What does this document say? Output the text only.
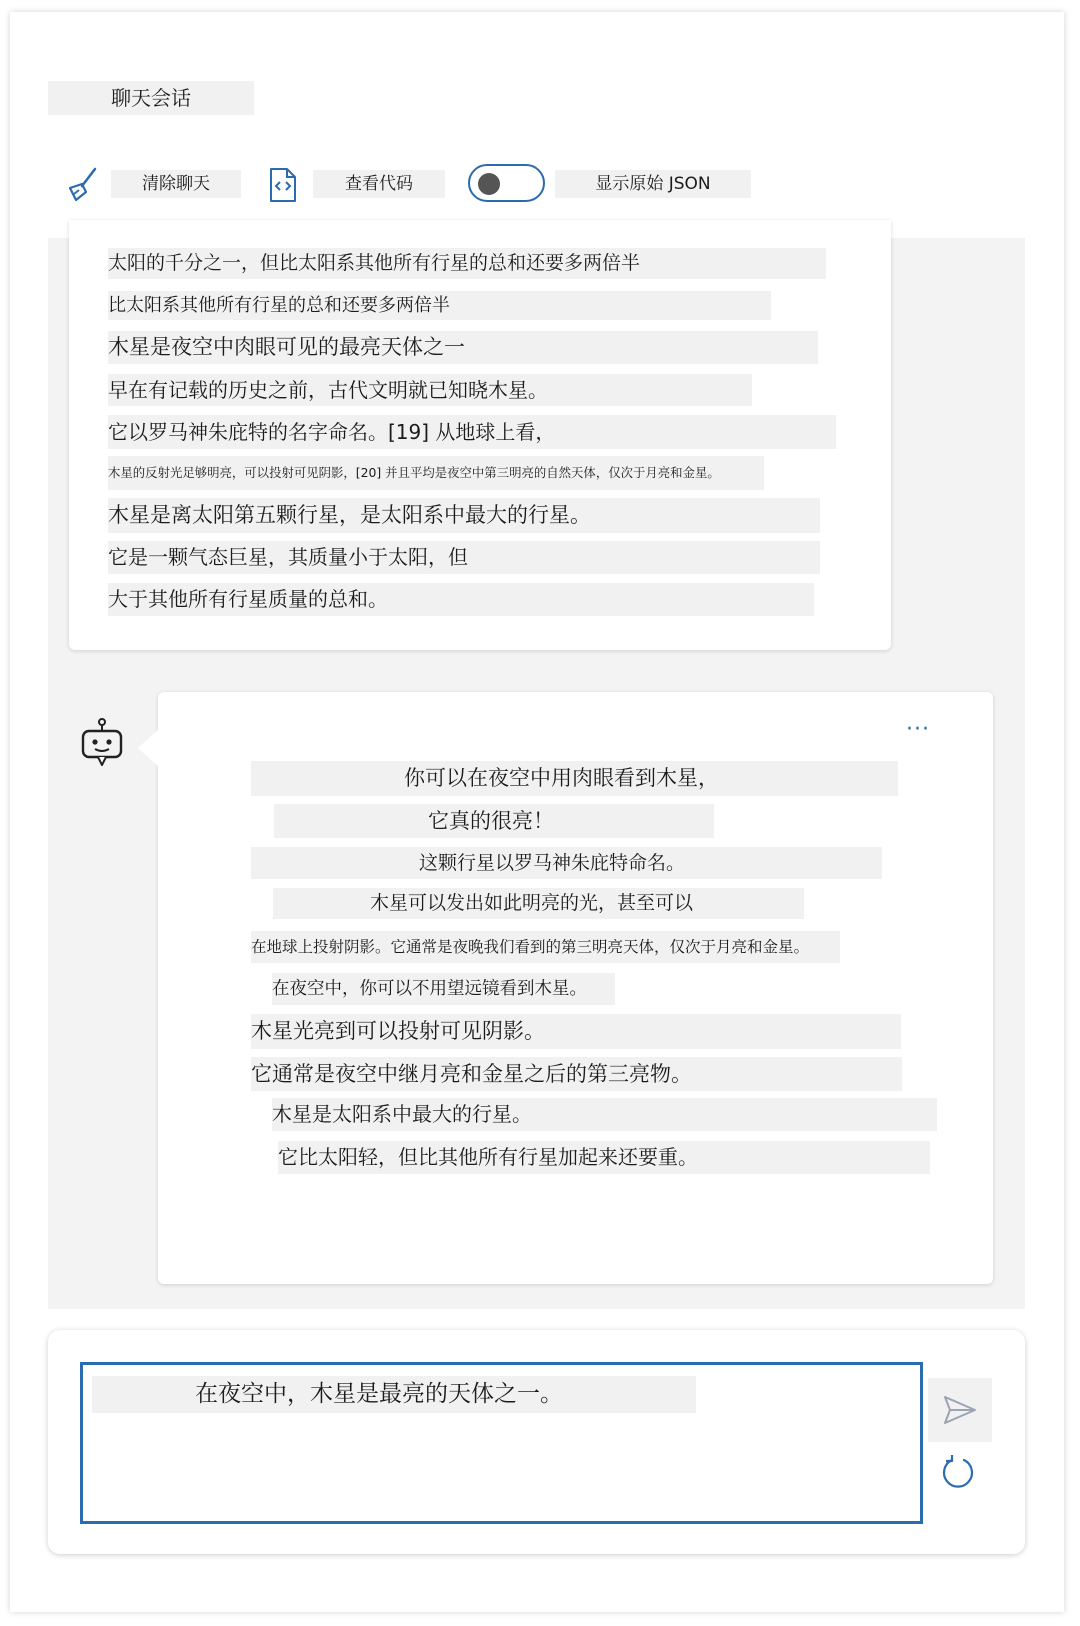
聊天会话
清除聊天	查看代码	显示原始 JSON
太阳的千分之一，但比太阳系其他所有行星的总和还要多两倍半
比太阳系其他所有行星的总和还要多两倍半
木星是夜空中肉眼可见的最亮天体之一
早在有记载的历史之前，古代文明就已知晓木星。
它以罗马神朱庇特的名字命名。[19] 从地球上看，
木星的反射光足够明亮，可以投射可见阴影，[20] 并且平均是夜空中第三明亮的自然天体，仅次于月亮和金星。
木星是离太阳第五颗行星，是太阳系中最大的行星。
它是一颗气态巨星，其质量小于太阳，但
大于其他所有行星质量的总和。
···
你可以在夜空中用肉眼看到木星，
它真的很亮！
这颗行星以罗马神朱庇特命名。
木星可以发出如此明亮的光，甚至可以
在地球上投射阴影。它通常是夜晚我们看到的第三明亮天体，仅次于月亮和金星。
在夜空中，你可以不用望远镜看到木星。
木星光亮到可以投射可见阴影。
它通常是夜空中继月亮和金星之后的第三亮物。
木星是太阳系中最大的行星。
它比太阳轻，但比其他所有行星加起来还要重。
在夜空中，木星是最亮的天体之一。
